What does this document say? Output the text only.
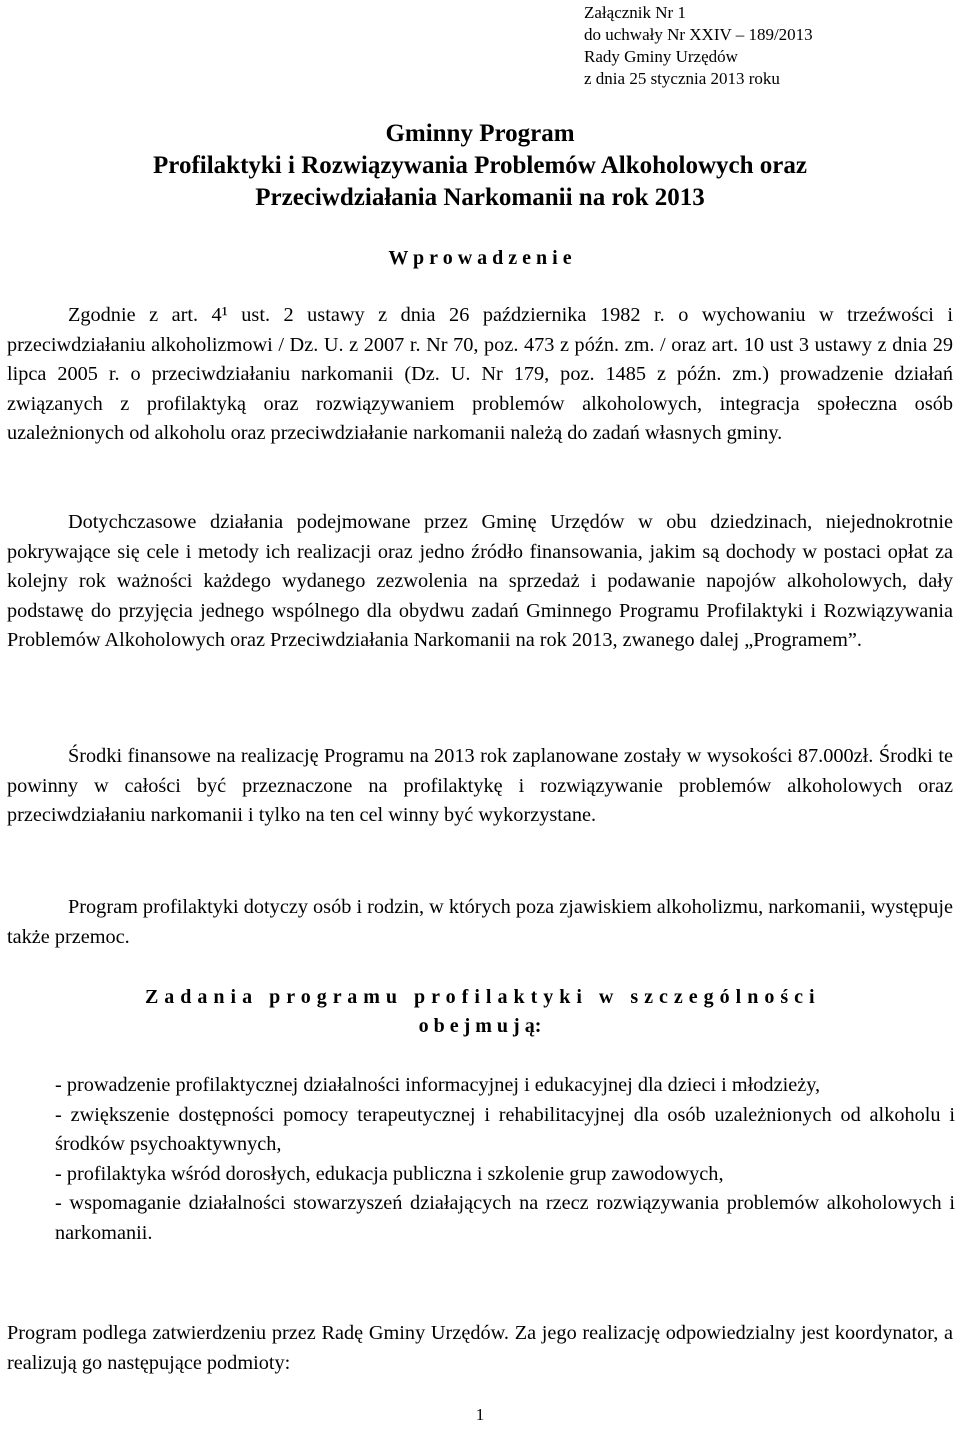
Załącznik Nr 1
do uchwały Nr XXIV – 189/2013
Rady Gminy Urzędów
z dnia 25 stycznia 2013 roku
Gminny Program
Profilaktyki i Rozwiązywania Problemów Alkoholowych oraz
Przeciwdziałania Narkomanii na rok 2013
W p r o w a d z e n i e

Zgodnie z art. 4¹ ust. 2 ustawy z dnia 26 października 1982 r. o wychowaniu w trzeźwości i przeciwdziałaniu alkoholizmowi / Dz. U. z 2007 r. Nr 70, poz. 473 z późn. zm. / oraz art. 10 ust 3 ustawy z dnia 29 lipca 2005 r. o przeciwdziałaniu narkomanii (Dz. U. Nr 179, poz. 1485 z późn. zm.) prowadzenie działań związanych z profilaktyką oraz rozwiązywaniem problemów alkoholowych, integracja społeczna osób uzależnionych od alkoholu oraz przeciwdziałanie narkomanii należą do zadań własnych gminy.

Dotychczasowe działania podejmowane przez Gminę Urzędów w obu dziedzinach, niejednokrotnie pokrywające się cele i metody ich realizacji oraz jedno źródło finansowania, jakim są dochody w postaci opłat za kolejny rok ważności każdego wydanego zezwolenia na sprzedaż i podawanie napojów alkoholowych, dały podstawę do przyjęcia jednego wspólnego dla obydwu zadań Gminnego Programu Profilaktyki i Rozwiązywania Problemów Alkoholowych oraz Przeciwdziałania Narkomanii na rok 2013, zwanego dalej „Programem”.

Środki finansowe na realizację Programu na 2013 rok zaplanowane zostały w wysokości 87.000zł. Środki te powinny w całości być przeznaczone na profilaktykę i rozwiązywanie problemów alkoholowych oraz przeciwdziałaniu narkomanii i tylko na ten cel winny być wykorzystane.

Program profilaktyki dotyczy osób i rodzin, w których poza zjawiskiem alkoholizmu, narkomanii, występuje także przemoc.

Z a d a n i a   p r o g r a m u   p r o f i l a k t y k i   w   s z c z e g ó l n o ś c i
o b e j m u j ą:
- prowadzenie profilaktycznej działalności informacyjnej i edukacyjnej dla dzieci i młodzieży,
- zwiększenie dostępności pomocy terapeutycznej i rehabilitacyjnej dla osób uzależnionych od alkoholu i środków psychoaktywnych,
- profilaktyka wśród dorosłych, edukacja publiczna i szkolenie grup zawodowych,
- wspomaganie działalności stowarzyszeń działających na rzecz rozwiązywania problemów alkoholowych i narkomanii.

Program podlega zatwierdzeniu przez Radę Gminy Urzędów. Za jego realizację odpowiedzialny jest koordynator, a realizują go następujące podmioty:

1
